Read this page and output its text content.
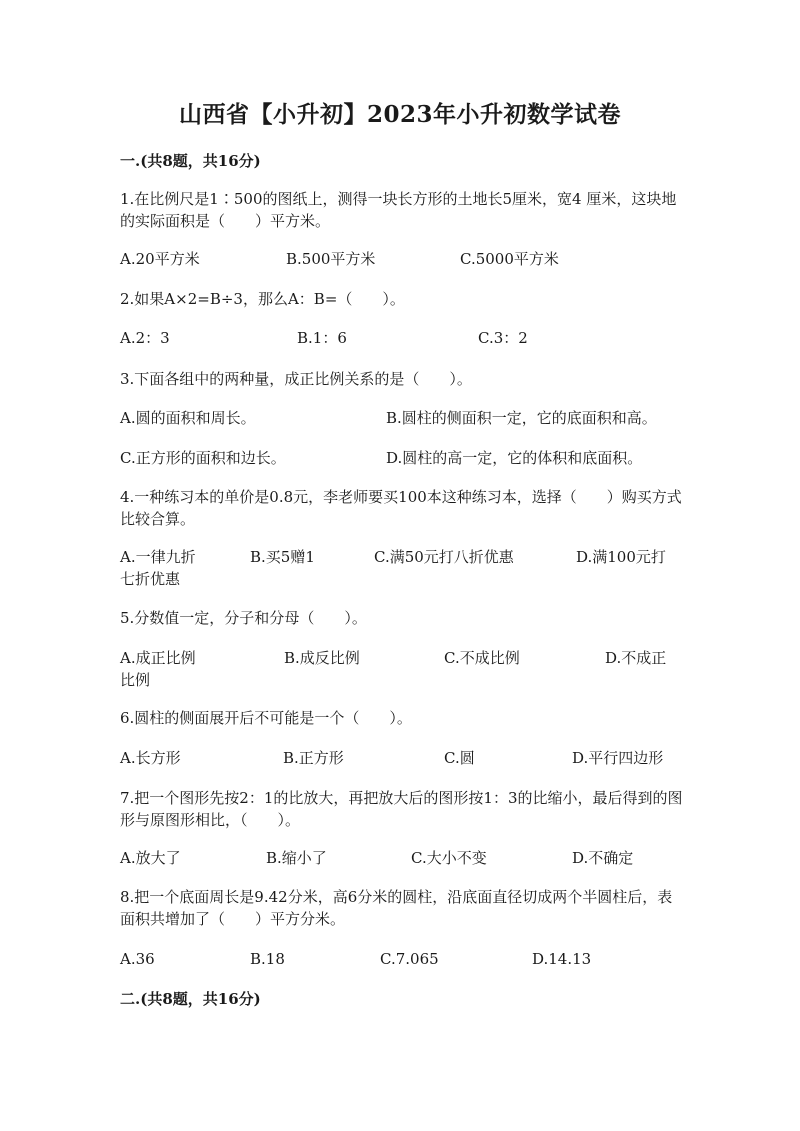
山西省【小升初】2023年小升初数学试卷
一.(共8题，共16分)
1.在比例尺是1∶500的图纸上，测得一块长方形的土地长5厘米，宽4 厘米，这块地的实际面积是（　　）平方米。
A.20平方米	B.500平方米	C.5000平方米
2.如果A×2=B÷3，那么A：B=（　　）。
A.2：3	B.1：6	C.3：2
3.下面各组中的两种量，成正比例关系的是（　　）。
A.圆的面积和周长。	B.圆柱的侧面积一定，它的底面积和高。
C.正方形的面积和边长。	D.圆柱的高一定，它的体积和底面积。
4.一种练习本的单价是0.8元，李老师要买100本这种练习本，选择（　　）购买方式比较合算。
A.一律九折	B.买5赠1	C.满50元打八折优惠	D.满100元打七折优惠
5.分数值一定，分子和分母（　　）。
A.成正比例	B.成反比例	C.不成比例	D.不成正比例
6.圆柱的侧面展开后不可能是一个（　　）。
A.长方形	B.正方形	C.圆	D.平行四边形
7.把一个图形先按2：1的比放大，再把放大后的图形按1：3的比缩小，最后得到的图形与原图形相比，（　　）。
A.放大了	B.缩小了	C.大小不变	D.不确定
8.把一个底面周长是9.42分米，高6分米的圆柱，沿底面直径切成两个半圆柱后，表面积共增加了（　　）平方分米。
A.36	B.18	C.7.065	D.14.13
二.(共8题，共16分)
